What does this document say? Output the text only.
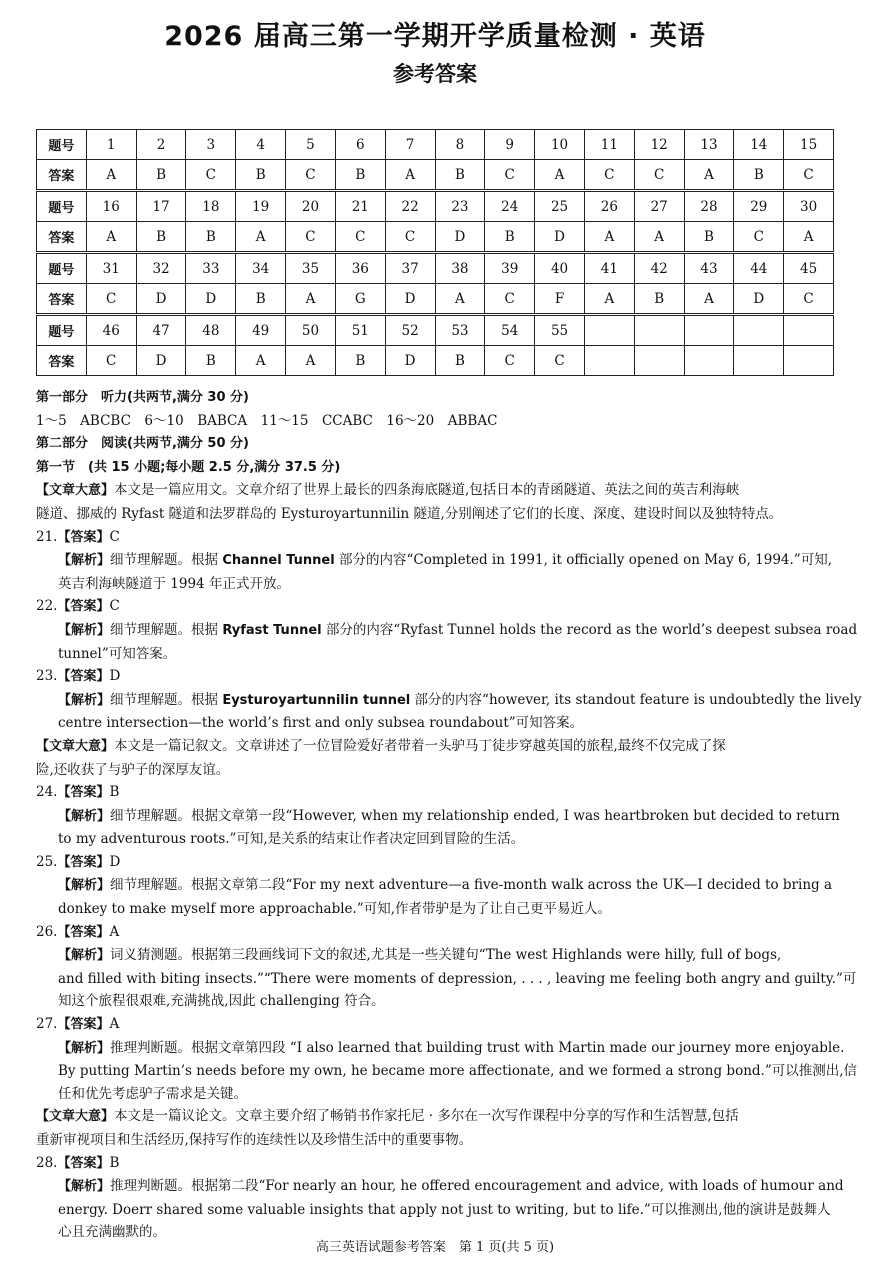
2026 届高三第一学期开学质量检测 · 英语
参考答案
题号	1	2	3	4	5	6	7	8	9	10	11	12	13	14	15
答案	A	B	C	B	C	B	A	B	C	A	C	C	A	B	C
题号	16	17	18	19	20	21	22	23	24	25	26	27	28	29	30
答案	A	B	B	A	C	C	C	D	B	D	A	A	B	C	A
题号	31	32	33	34	35	36	37	38	39	40	41	42	43	44	45
答案	C	D	D	B	A	G	D	A	C	F	A	B	A	D	C
题号	46	47	48	49	50	51	52	53	54	55					
答案	C	D	B	A	A	B	D	B	C	C					
第一部分　听力(共两节,满分 30 分)
1～5　ABCBC　6～10　BABCA　11～15　CCABC　16～20　ABBAC
第二部分　阅读(共两节,满分 50 分)
第一节　(共 15 小题;每小题 2.5 分,满分 37.5 分)
【文章大意】本文是一篇应用文。文章介绍了世界上最长的四条海底隧道,包括日本的青函隧道、英法之间的英吉利海峡
隧道、挪威的 Ryfast 隧道和法罗群岛的 Eysturoyartunnilin 隧道,分别阐述了它们的长度、深度、建设时间以及独特特点。
21.【答案】C
【解析】细节理解题。根据 Channel Tunnel 部分的内容“Completed in 1991, it officially opened on May 6, 1994.”可知,
英吉利海峡隧道于 1994 年正式开放。
22.【答案】C
【解析】细节理解题。根据 Ryfast Tunnel 部分的内容“Ryfast Tunnel holds the record as the world’s deepest subsea road
tunnel”可知答案。
23.【答案】D
【解析】细节理解题。根据 Eysturoyartunnilin tunnel 部分的内容“however, its standout feature is undoubtedly the lively
centre intersection—the world’s first and only subsea roundabout”可知答案。
【文章大意】本文是一篇记叙文。文章讲述了一位冒险爱好者带着一头驴马丁徒步穿越英国的旅程,最终不仅完成了探
险,还收获了与驴子的深厚友谊。
24.【答案】B
【解析】细节理解题。根据文章第一段“However, when my relationship ended, I was heartbroken but decided to return
to my adventurous roots.”可知,是关系的结束让作者决定回到冒险的生活。
25.【答案】D
【解析】细节理解题。根据文章第二段“For my next adventure—a five-month walk across the UK—I decided to bring a
donkey to make myself more approachable.”可知,作者带驴是为了让自己更平易近人。
26.【答案】A
【解析】词义猜测题。根据第三段画线词下文的叙述,尤其是一些关键句“The west Highlands were hilly, full of bogs,
and filled with biting insects.”“There were moments of depression, . . . , leaving me feeling both angry and guilty.”可
知这个旅程很艰难,充满挑战,因此 challenging 符合。
27.【答案】A
【解析】推理判断题。根据文章第四段 “I also learned that building trust with Martin made our journey more enjoyable.
By putting Martin’s needs before my own, he became more affectionate, and we formed a strong bond.”可以推测出,信
任和优先考虑驴子需求是关键。
【文章大意】本文是一篇议论文。文章主要介绍了畅销书作家托尼 · 多尔在一次写作课程中分享的写作和生活智慧,包括
重新审视项目和生活经历,保持写作的连续性以及珍惜生活中的重要事物。
28.【答案】B
【解析】推理判断题。根据第二段“For nearly an hour, he offered encouragement and advice, with loads of humour and
energy. Doerr shared some valuable insights that apply not just to writing, but to life.”可以推测出,他的演讲是鼓舞人
心且充满幽默的。
高三英语试题参考答案　第 1 页(共 5 页)
